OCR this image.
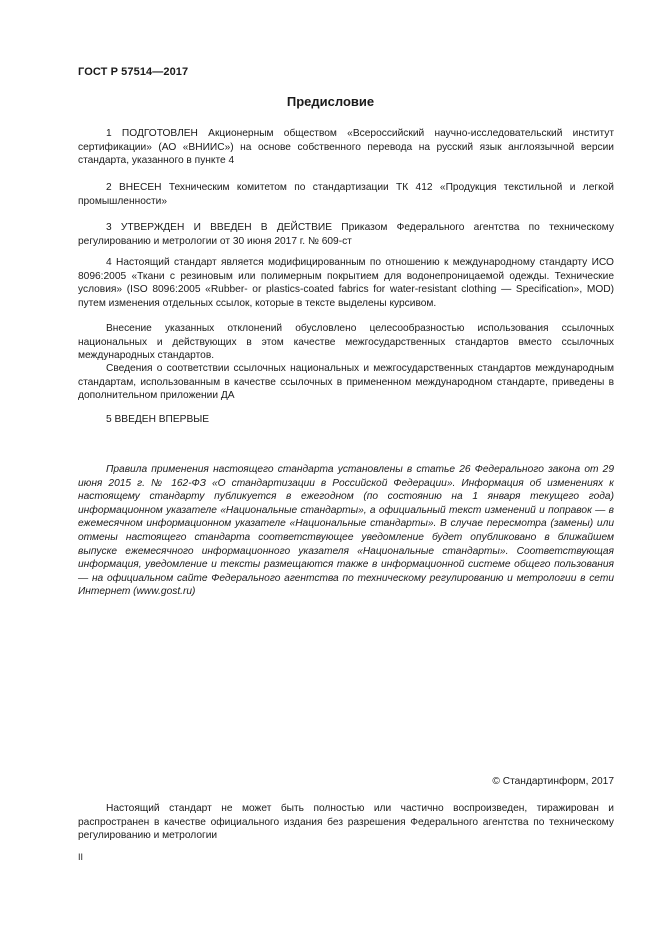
ГОСТ Р 57514—2017
Предисловие

1 ПОДГОТОВЛЕН Акционерным обществом «Всероссийский научно-исследовательский институт сертификации» (АО «ВНИИС») на основе собственного перевода на русский язык англоязычной версии стандарта, указанного в пункте 4

2 ВНЕСЕН Техническим комитетом по стандартизации ТК 412 «Продукция текстильной и легкой промышленности»

3 УТВЕРЖДЕН И ВВЕДЕН В ДЕЙСТВИЕ Приказом Федерального агентства по техническому регулированию и метрологии от 30 июня 2017 г. № 609-ст

4 Настоящий стандарт является модифицированным по отношению к международному стандарту ИСО 8096:2005 «Ткани с резиновым или полимерным покрытием для водонепроницаемой одежды. Технические условия» (ISO 8096:2005 «Rubber- or plastics-coated fabrics for water-resistant clothing — Specification», MOD) путем изменения отдельных ссылок, которые в тексте выделены курсивом.

Внесение указанных отклонений обусловлено целесообразностью использования ссылочных национальных и действующих в этом качестве межгосударственных стандартов вместо ссылочных международных стандартов.

Сведения о соответствии ссылочных национальных и межгосударственных стандартов международным стандартам, использованным в качестве ссылочных в примененном международном стандарте, приведены в дополнительном приложении ДА

5 ВВЕДЕН ВПЕРВЫЕ

Правила применения настоящего стандарта установлены в статье 26 Федерального закона от 29 июня 2015 г. № 162-ФЗ «О стандартизации в Российской Федерации». Информация об изменениях к настоящему стандарту публикуется в ежегодном (по состоянию на 1 января текущего года) информационном указателе «Национальные стандарты», а официальный текст изменений и поправок — в ежемесячном информационном указателе «Национальные стандарты». В случае пересмотра (замены) или отмены настоящего стандарта соответствующее уведомление будет опубликовано в ближайшем выпуске ежемесячного информационного указателя «Национальные стандарты». Соответствующая информация, уведомление и тексты размещаются также в информационной системе общего пользования — на официальном сайте Федерального агентства по техническому регулированию и метрологии в сети Интернет (www.gost.ru)

© Стандартинформ, 2017

Настоящий стандарт не может быть полностью или частично воспроизведен, тиражирован и распространен в качестве официального издания без разрешения Федерального агентства по техническому регулированию и метрологии

II
